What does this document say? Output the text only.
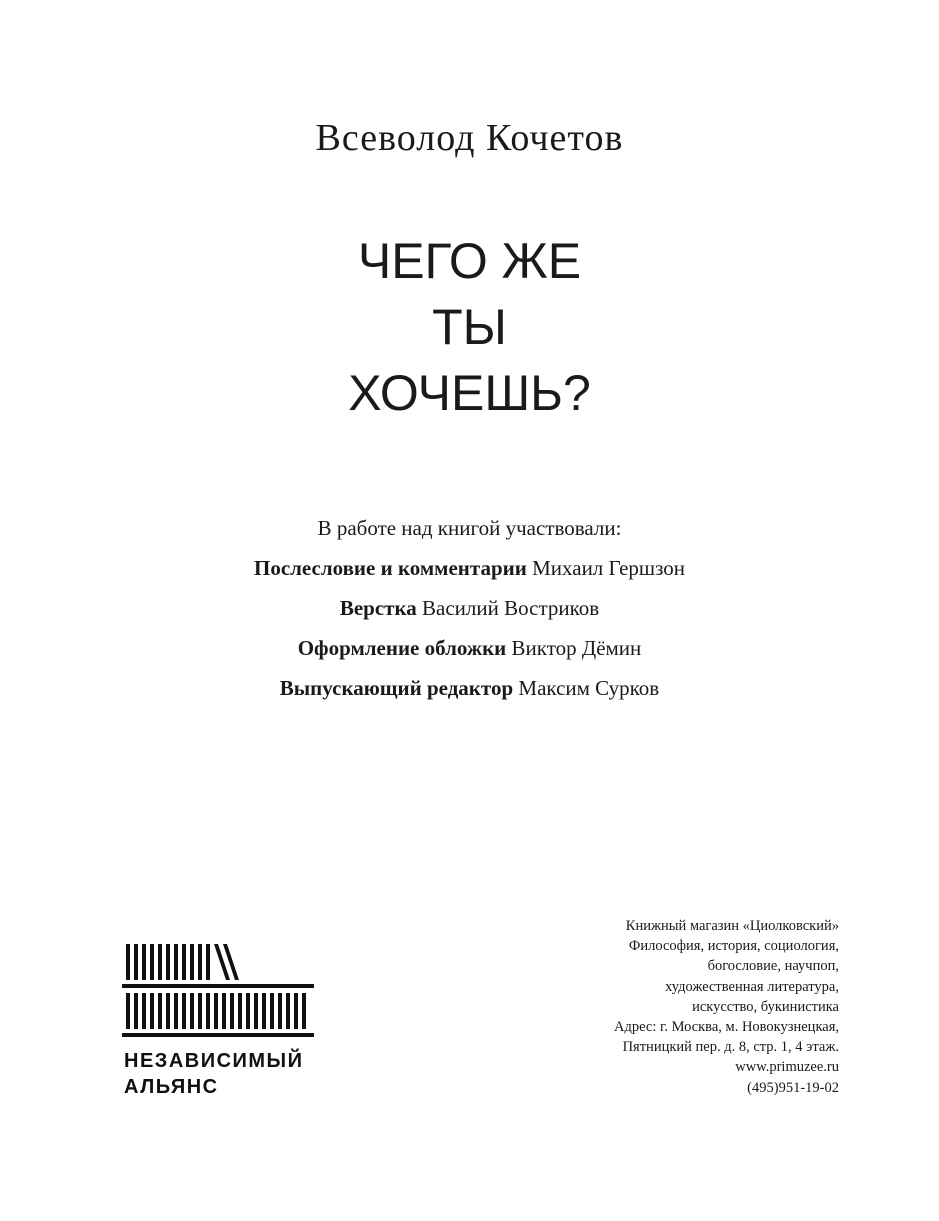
Всеволод Кочетов
ЧЕГО ЖЕ
ТЫ
ХОЧЕШЬ?
В работе над книгой участвовали:
Послесловие и комментарии Михаил Гершзон
Верстка Василий Востриков
Оформление обложки Виктор Дёмин
Выпускающий редактор Максим Сурков
НЕЗАВИСИМЫЙ
АЛЬЯНС
Книжный магазин «Циолковский»
Философия, история, социология,
богословие, научпоп,
художественная литература,
искусство, букинистика
Адрес: г. Москва, м. Новокузнецкая,
Пятницкий пер. д. 8, стр. 1, 4 этаж.
www.primuzee.ru
(495)951-19-02
